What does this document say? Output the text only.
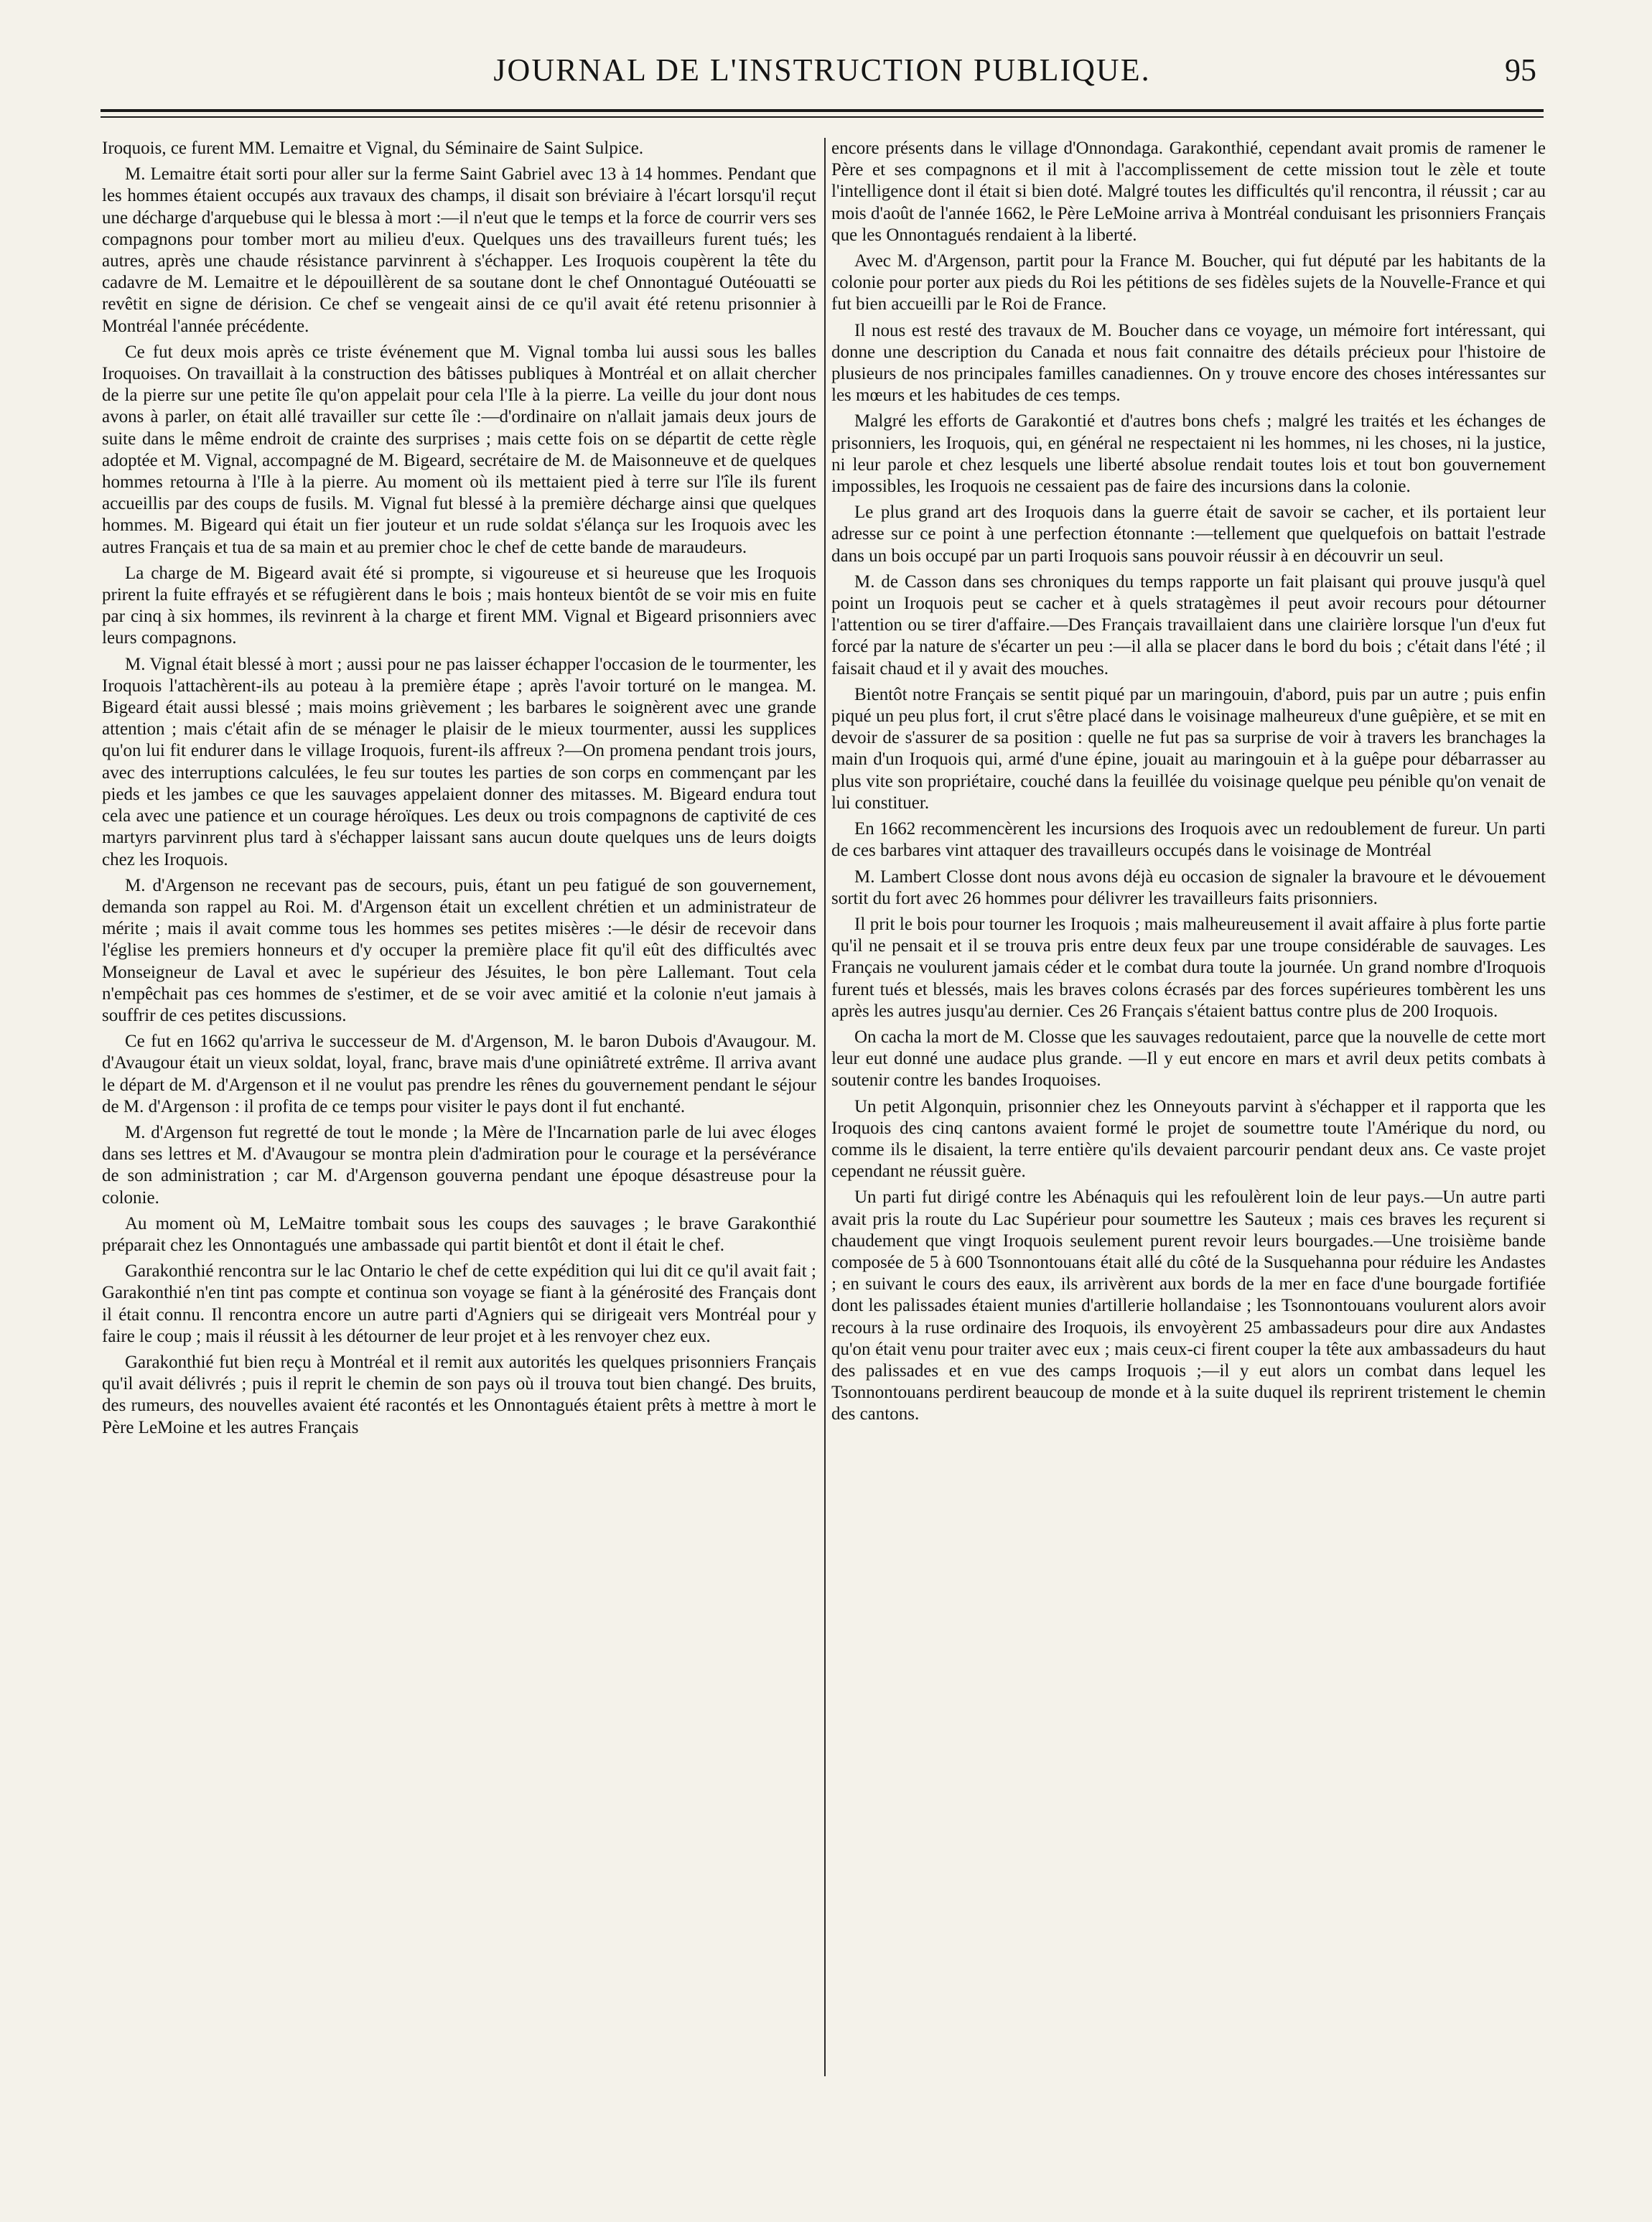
JOURNAL DE L'INSTRUCTION PUBLIQUE.	95

Iroquois, ce furent MM. Lemaitre et Vignal, du Séminaire de Saint Sulpice.

M. Lemaitre était sorti pour aller sur la ferme Saint Gabriel avec 13 à 14 hommes. Pendant que les hommes étaient occupés aux travaux des champs, il disait son bréviaire à l'écart lorsqu'il reçut une décharge d'arquebuse qui le blessa à mort :—il n'eut que le temps et la force de courrir vers ses compagnons pour tomber mort au milieu d'eux. Quelques uns des travailleurs furent tués; les autres, après une chaude résistance parvinrent à s'échapper. Les Iroquois coupèrent la tête du cadavre de M. Lemaitre et le dépouillèrent de sa soutane dont le chef Onnontagué Outéouatti se revêtit en signe de dérision. Ce chef se vengeait ainsi de ce qu'il avait été retenu prisonnier à Montréal l'année précédente.

Ce fut deux mois après ce triste événement que M. Vignal tomba lui aussi sous les balles Iroquoises. On travaillait à la construction des bâtisses publiques à Montréal et on allait chercher de la pierre sur une petite île qu'on appelait pour cela l'Ile à la pierre. La veille du jour dont nous avons à parler, on était allé travailler sur cette île :—d'ordinaire on n'allait jamais deux jours de suite dans le même endroit de crainte des surprises ; mais cette fois on se départit de cette règle adoptée et M. Vignal, accompagné de M. Bigeard, secrétaire de M. de Maisonneuve et de quelques hommes retourna à l'Ile à la pierre. Au moment où ils mettaient pied à terre sur l'île ils furent accueillis par des coups de fusils. M. Vignal fut blessé à la première décharge ainsi que quelques hommes. M. Bigeard qui était un fier jouteur et un rude soldat s'élança sur les Iroquois avec les autres Français et tua de sa main et au premier choc le chef de cette bande de maraudeurs.

La charge de M. Bigeard avait été si prompte, si vigoureuse et si heureuse que les Iroquois prirent la fuite effrayés et se réfugièrent dans le bois ; mais honteux bientôt de se voir mis en fuite par cinq à six hommes, ils revinrent à la charge et firent MM. Vignal et Bigeard prisonniers avec leurs compagnons.

M. Vignal était blessé à mort ; aussi pour ne pas laisser échapper l'occasion de le tourmenter, les Iroquois l'attachèrent-ils au poteau à la première étape ; après l'avoir torturé on le mangea. M. Bigeard était aussi blessé ; mais moins grièvement ; les barbares le soignèrent avec une grande attention ; mais c'était afin de se ménager le plaisir de le mieux tourmenter, aussi les supplices qu'on lui fit endurer dans le village Iroquois, furent-ils affreux ?—On promena pendant trois jours, avec des interruptions calculées, le feu sur toutes les parties de son corps en commençant par les pieds et les jambes ce que les sauvages appelaient donner des mitasses. M. Bigeard endura tout cela avec une patience et un courage héroïques. Les deux ou trois compagnons de captivité de ces martyrs parvinrent plus tard à s'échapper laissant sans aucun doute quelques uns de leurs doigts chez les Iroquois.

M. d'Argenson ne recevant pas de secours, puis, étant un peu fatigué de son gouvernement, demanda son rappel au Roi. M. d'Argenson était un excellent chrétien et un administrateur de mérite ; mais il avait comme tous les hommes ses petites misères :—le désir de recevoir dans l'église les premiers honneurs et d'y occuper la première place fit qu'il eût des difficultés avec Monseigneur de Laval et avec le supérieur des Jésuites, le bon père Lallemant. Tout cela n'empêchait pas ces hommes de s'estimer, et de se voir avec amitié et la colonie n'eut jamais à souffrir de ces petites discussions.

Ce fut en 1662 qu'arriva le successeur de M. d'Argenson, M. le baron Dubois d'Avaugour. M. d'Avaugour était un vieux soldat, loyal, franc, brave mais d'une opiniâtreté extrême. Il arriva avant le départ de M. d'Argenson et il ne voulut pas prendre les rênes du gouvernement pendant le séjour de M. d'Argenson : il profita de ce temps pour visiter le pays dont il fut enchanté.

M. d'Argenson fut regretté de tout le monde ; la Mère de l'Incarnation parle de lui avec éloges dans ses lettres et M. d'Avaugour se montra plein d'admiration pour le courage et la persévérance de son administration ; car M. d'Argenson gouverna pendant une époque désastreuse pour la colonie.

Au moment où M, LeMaitre tombait sous les coups des sauvages ; le brave Garakonthié préparait chez les Onnontagués une ambassade qui partit bientôt et dont il était le chef.

Garakonthié rencontra sur le lac Ontario le chef de cette expédition qui lui dit ce qu'il avait fait ; Garakonthié n'en tint pas compte et continua son voyage se fiant à la générosité des Français dont il était connu. Il rencontra encore un autre parti d'Agniers qui se dirigeait vers Montréal pour y faire le coup ; mais il réussit à les détourner de leur projet et à les renvoyer chez eux.

Garakonthié fut bien reçu à Montréal et il remit aux autorités les quelques prisonniers Français qu'il avait délivrés ; puis il reprit le chemin de son pays où il trouva tout bien changé. Des bruits, des rumeurs, des nouvelles avaient été racontés et les Onnontagués étaient prêts à mettre à mort le Père LeMoine et les autres Français

encore présents dans le village d'Onnondaga. Garakonthié, cependant avait promis de ramener le Père et ses compagnons et il mit à l'accomplissement de cette mission tout le zèle et toute l'intelligence dont il était si bien doté. Malgré toutes les difficultés qu'il rencontra, il réussit ; car au mois d'août de l'année 1662, le Père LeMoine arriva à Montréal conduisant les prisonniers Français que les Onnontagués rendaient à la liberté.

Avec M. d'Argenson, partit pour la France M. Boucher, qui fut député par les habitants de la colonie pour porter aux pieds du Roi les pétitions de ses fidèles sujets de la Nouvelle-France et qui fut bien accueilli par le Roi de France.

Il nous est resté des travaux de M. Boucher dans ce voyage, un mémoire fort intéressant, qui donne une description du Canada et nous fait connaitre des détails précieux pour l'histoire de plusieurs de nos principales familles canadiennes. On y trouve encore des choses intéressantes sur les mœurs et les habitudes de ces temps.

Malgré les efforts de Garakontié et d'autres bons chefs ; malgré les traités et les échanges de prisonniers, les Iroquois, qui, en général ne respectaient ni les hommes, ni les choses, ni la justice, ni leur parole et chez lesquels une liberté absolue rendait toutes lois et tout bon gouvernement impossibles, les Iroquois ne cessaient pas de faire des incursions dans la colonie.

Le plus grand art des Iroquois dans la guerre était de savoir se cacher, et ils portaient leur adresse sur ce point à une perfection étonnante :—tellement que quelquefois on battait l'estrade dans un bois occupé par un parti Iroquois sans pouvoir réussir à en découvrir un seul.

M. de Casson dans ses chroniques du temps rapporte un fait plaisant qui prouve jusqu'à quel point un Iroquois peut se cacher et à quels stratagèmes il peut avoir recours pour détourner l'attention ou se tirer d'affaire.—Des Français travaillaient dans une clairière lorsque l'un d'eux fut forcé par la nature de s'écarter un peu :—il alla se placer dans le bord du bois ; c'était dans l'été ; il faisait chaud et il y avait des mouches.

Bientôt notre Français se sentit piqué par un maringouin, d'abord, puis par un autre ; puis enfin piqué un peu plus fort, il crut s'être placé dans le voisinage malheureux d'une guêpière, et se mit en devoir de s'assurer de sa position : quelle ne fut pas sa surprise de voir à travers les branchages la main d'un Iroquois qui, armé d'une épine, jouait au maringouin et à la guêpe pour débarrasser au plus vite son propriétaire, couché dans la feuillée du voisinage quelque peu pénible qu'on venait de lui constituer.

En 1662 recommencèrent les incursions des Iroquois avec un redoublement de fureur. Un parti de ces barbares vint attaquer des travailleurs occupés dans le voisinage de Montréal

M. Lambert Closse dont nous avons déjà eu occasion de signaler la bravoure et le dévouement sortit du fort avec 26 hommes pour délivrer les travailleurs faits prisonniers.

Il prit le bois pour tourner les Iroquois ; mais malheureusement il avait affaire à plus forte partie qu'il ne pensait et il se trouva pris entre deux feux par une troupe considérable de sauvages. Les Français ne voulurent jamais céder et le combat dura toute la journée. Un grand nombre d'Iroquois furent tués et blessés, mais les braves colons écrasés par des forces supérieures tombèrent les uns après les autres jusqu'au dernier. Ces 26 Français s'étaient battus contre plus de 200 Iroquois.

On cacha la mort de M. Closse que les sauvages redoutaient, parce que la nouvelle de cette mort leur eut donné une audace plus grande. —Il y eut encore en mars et avril deux petits combats à soutenir contre les bandes Iroquoises.

Un petit Algonquin, prisonnier chez les Onneyouts parvint à s'échapper et il rapporta que les Iroquois des cinq cantons avaient formé le projet de soumettre toute l'Amérique du nord, ou comme ils le disaient, la terre entière qu'ils devaient parcourir pendant deux ans. Ce vaste projet cependant ne réussit guère.

Un parti fut dirigé contre les Abénaquis qui les refoulèrent loin de leur pays.—Un autre parti avait pris la route du Lac Supérieur pour soumettre les Sauteux ; mais ces braves les reçurent si chaudement que vingt Iroquois seulement purent revoir leurs bourgades.—Une troisième bande composée de 5 à 600 Tsonnontouans était allé du côté de la Susquehanna pour réduire les Andastes ; en suivant le cours des eaux, ils arrivèrent aux bords de la mer en face d'une bourgade fortifiée dont les palissades étaient munies d'artillerie hollandaise ; les Tsonnontouans voulurent alors avoir recours à la ruse ordinaire des Iroquois, ils envoyèrent 25 ambassadeurs pour dire aux Andastes qu'on était venu pour traiter avec eux ; mais ceux-ci firent couper la tête aux ambassadeurs du haut des palissades et en vue des camps Iroquois ;—il y eut alors un combat dans lequel les Tsonnontouans perdirent beaucoup de monde et à la suite duquel ils reprirent tristement le chemin des cantons.
